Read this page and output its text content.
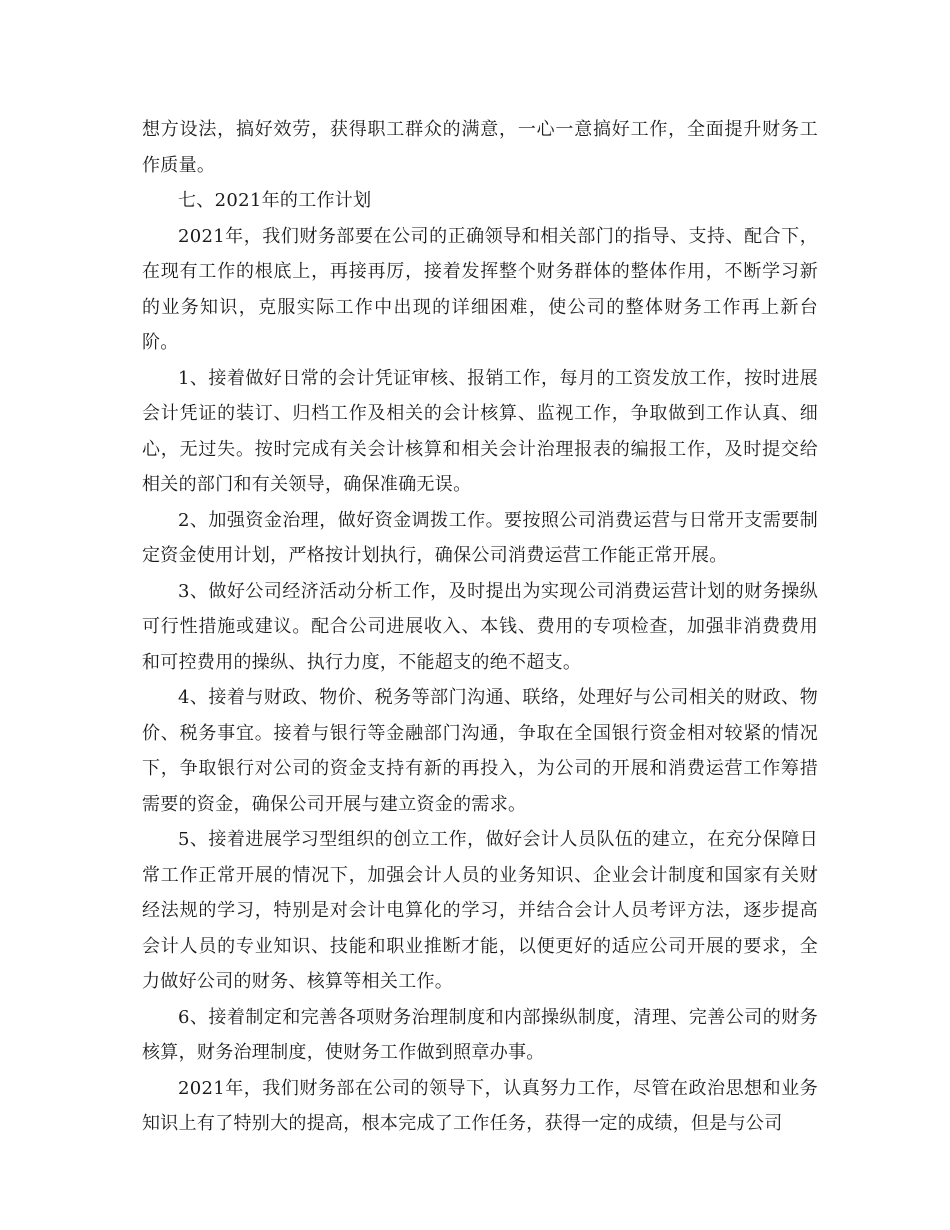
想方设法，搞好效劳，获得职工群众的满意，一心一意搞好工作，全面提升财务工作质量。

七、2021年的工作计划

2021年，我们财务部要在公司的正确领导和相关部门的指导、支持、配合下，在现有工作的根底上，再接再厉，接着发挥整个财务群体的整体作用，不断学习新的业务知识，克服实际工作中出现的详细困难，使公司的整体财务工作再上新台阶。

1、接着做好日常的会计凭证审核、报销工作，每月的工资发放工作，按时进展会计凭证的装订、归档工作及相关的会计核算、监视工作，争取做到工作认真、细心，无过失。按时完成有关会计核算和相关会计治理报表的编报工作，及时提交给相关的部门和有关领导，确保准确无误。

2、加强资金治理，做好资金调拨工作。要按照公司消费运营与日常开支需要制定资金使用计划，严格按计划执行，确保公司消费运营工作能正常开展。

3、做好公司经济活动分析工作，及时提出为实现公司消费运营计划的财务操纵可行性措施或建议。配合公司进展收入、本钱、费用的专项检查，加强非消费费用和可控费用的操纵、执行力度，不能超支的绝不超支。

4、接着与财政、物价、税务等部门沟通、联络，处理好与公司相关的财政、物价、税务事宜。接着与银行等金融部门沟通，争取在全国银行资金相对较紧的情况下，争取银行对公司的资金支持有新的再投入，为公司的开展和消费运营工作筹措需要的资金，确保公司开展与建立资金的需求。

5、接着进展学习型组织的创立工作，做好会计人员队伍的建立，在充分保障日常工作正常开展的情况下，加强会计人员的业务知识、企业会计制度和国家有关财经法规的学习，特别是对会计电算化的学习，并结合会计人员考评方法，逐步提高会计人员的专业知识、技能和职业推断才能，以便更好的适应公司开展的要求，全力做好公司的财务、核算等相关工作。

6、接着制定和完善各项财务治理制度和内部操纵制度，清理、完善公司的财务核算，财务治理制度，使财务工作做到照章办事。

2021年，我们财务部在公司的领导下，认真努力工作，尽管在政治思想和业务知识上有了特别大的提高，根本完成了工作任务，获得一定的成绩，但是与公司
